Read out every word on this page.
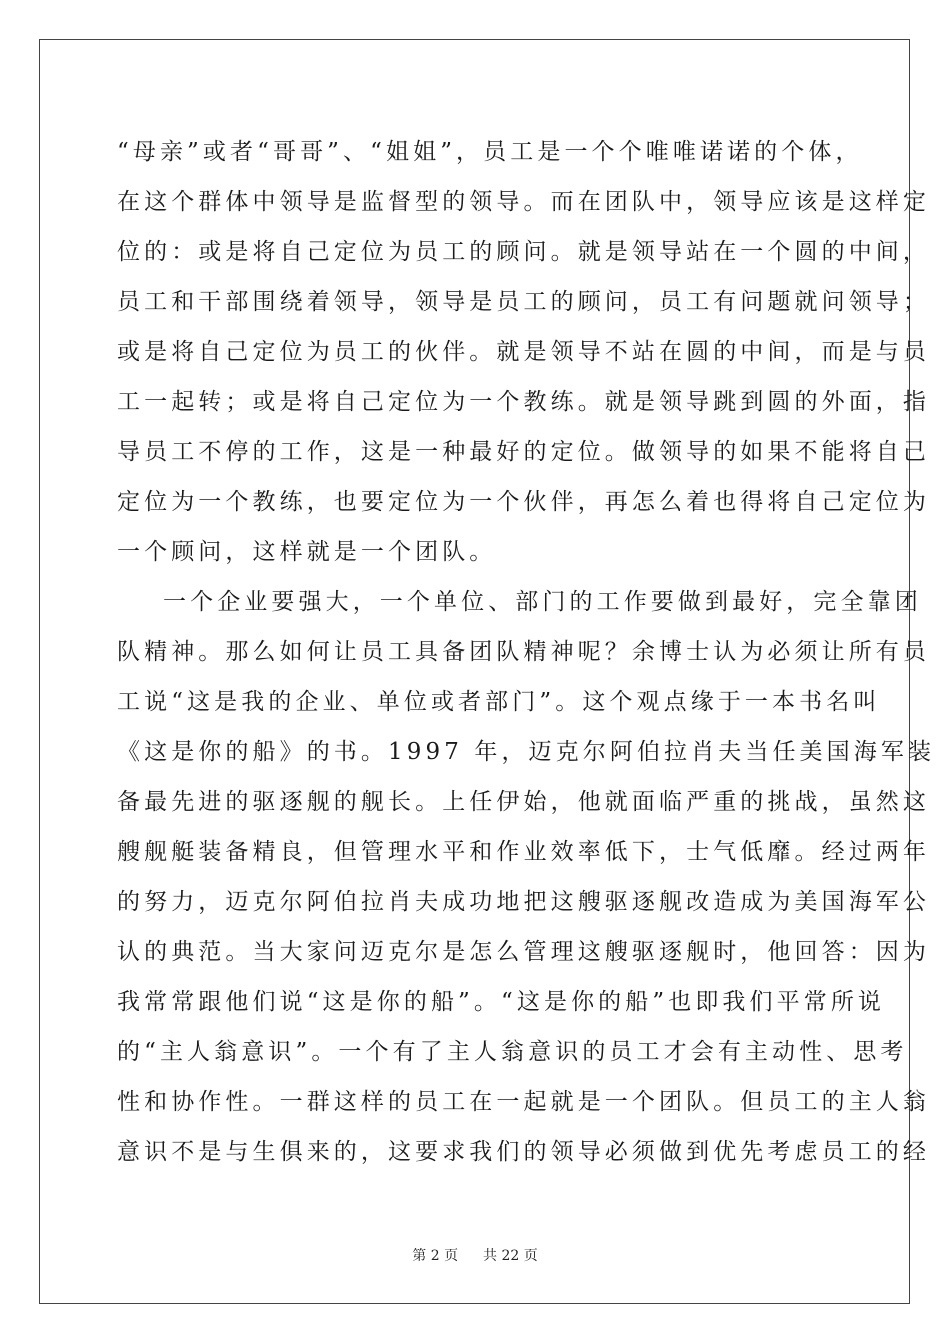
“母亲”或者“哥哥”、“姐姐”，员工是一个个唯唯诺诺的个体，
在这个群体中领导是监督型的领导。而在团队中，领导应该是这样定
位的：或是将自己定位为员工的顾问。就是领导站在一个圆的中间，
员工和干部围绕着领导，领导是员工的顾问，员工有问题就问领导；
或是将自己定位为员工的伙伴。就是领导不站在圆的中间，而是与员
工一起转；或是将自己定位为一个教练。就是领导跳到圆的外面，指
导员工不停的工作，这是一种最好的定位。做领导的如果不能将自己
定位为一个教练，也要定位为一个伙伴，再怎么着也得将自己定位为
一个顾问，这样就是一个团队。
一个企业要强大，一个单位、部门的工作要做到最好，完全靠团
队精神。那么如何让员工具备团队精神呢？余博士认为必须让所有员
工说“这是我的企业、单位或者部门”。这个观点缘于一本书名叫
《这是你的船》的书。1997 年，迈克尔阿伯拉肖夫当任美国海军装
备最先进的驱逐舰的舰长。上任伊始，他就面临严重的挑战，虽然这
艘舰艇装备精良，但管理水平和作业效率低下，士气低靡。经过两年
的努力，迈克尔阿伯拉肖夫成功地把这艘驱逐舰改造成为美国海军公
认的典范。当大家问迈克尔是怎么管理这艘驱逐舰时，他回答：因为
我常常跟他们说“这是你的船”。“这是你的船”也即我们平常所说
的“主人翁意识”。一个有了主人翁意识的员工才会有主动性、思考
性和协作性。一群这样的员工在一起就是一个团队。但员工的主人翁
意识不是与生俱来的，这要求我们的领导必须做到优先考虑员工的经
第 2 页 共 22 页
